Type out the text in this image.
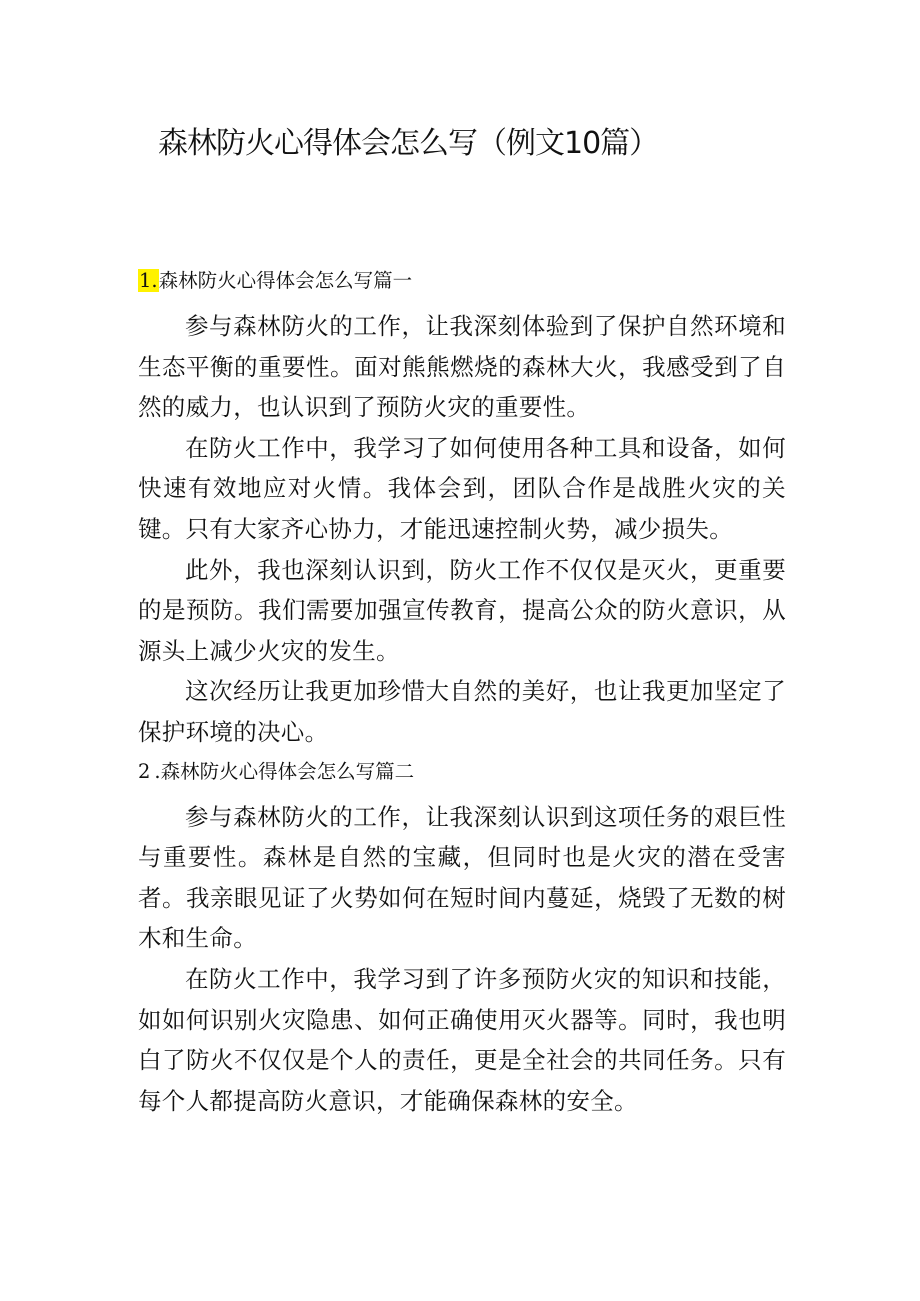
森林防火心得体会怎么写（例文10篇）
1.森林防火心得体会怎么写篇一

参与森林防火的工作，让我深刻体验到了保护自然环境和生态平衡的重要性。面对熊熊燃烧的森林大火，我感受到了自然的威力，也认识到了预防火灾的重要性。

在防火工作中，我学习了如何使用各种工具和设备，如何快速有效地应对火情。我体会到，团队合作是战胜火灾的关键。只有大家齐心协力，才能迅速控制火势，减少损失。

此外，我也深刻认识到，防火工作不仅仅是灭火，更重要的是预防。我们需要加强宣传教育，提高公众的防火意识，从源头上减少火灾的发生。

这次经历让我更加珍惜大自然的美好，也让我更加坚定了保护环境的决心。

2 .森林防火心得体会怎么写篇二

参与森林防火的工作，让我深刻认识到这项任务的艰巨性与重要性。森林是自然的宝藏，但同时也是火灾的潜在受害者。我亲眼见证了火势如何在短时间内蔓延，烧毁了无数的树木和生命。

在防火工作中，我学习到了许多预防火灾的知识和技能，如如何识别火灾隐患、如何正确使用灭火器等。同时，我也明白了防火不仅仅是个人的责任，更是全社会的共同任务。只有每个人都提高防火意识，才能确保森林的安全。
